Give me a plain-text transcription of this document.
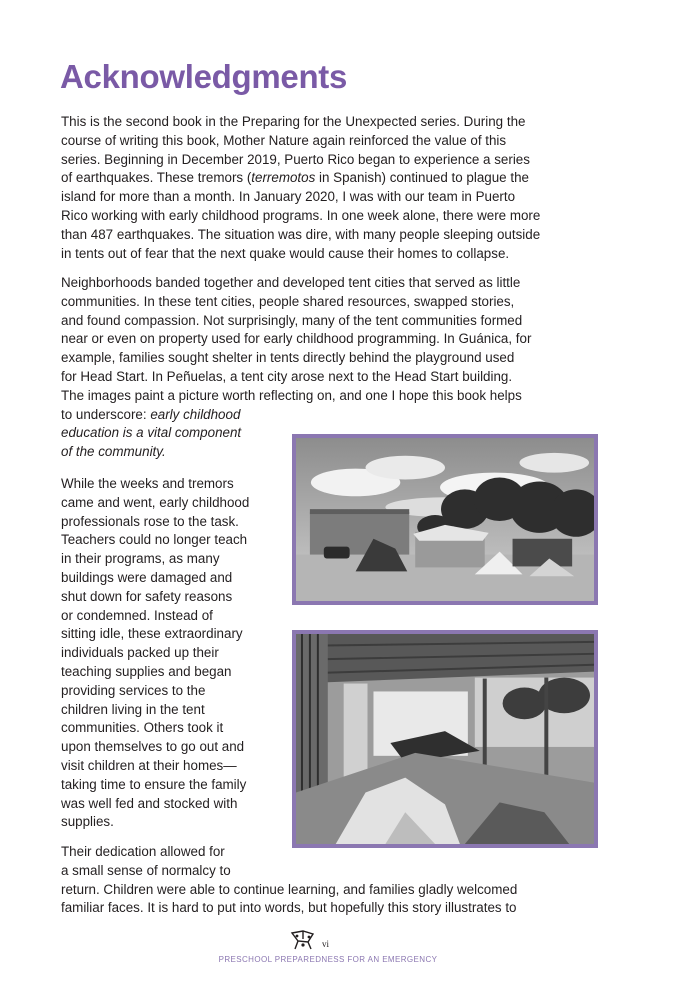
Acknowledgments
This is the second book in the Preparing for the Unexpected series. During the
course of writing this book, Mother Nature again reinforced the value of this
series. Beginning in December 2019, Puerto Rico began to experience a series
of earthquakes. These tremors (terremotos in Spanish) continued to plague the
island for more than a month. In January 2020, I was with our team in Puerto
Rico working with early childhood programs. In one week alone, there were more
than 487 earthquakes. The situation was dire, with many people sleeping outside
in tents out of fear that the next quake would cause their homes to collapse.
Neighborhoods banded together and developed tent cities that served as little
communities. In these tent cities, people shared resources, swapped stories,
and found compassion. Not surprisingly, many of the tent communities formed
near or even on property used for early childhood programming. In Guánica, for
example, families sought shelter in tents directly behind the playground used
for Head Start. In Peñuelas, a tent city arose next to the Head Start building.
The images paint a picture worth reflecting on, and one I hope this book helps
to underscore: early childhood
education is a vital component
of the community.
While the weeks and tremors
came and went, early childhood
professionals rose to the task.
Teachers could no longer teach
in their programs, as many
buildings were damaged and
shut down for safety reasons
or condemned. Instead of
sitting idle, these extraordinary
individuals packed up their
teaching supplies and began
providing services to the
children living in the tent
communities. Others took it
upon themselves to go out and
visit children at their homes—
taking time to ensure the family
was well fed and stocked with
supplies.
Their dedication allowed for
a small sense of normalcy to
return. Children were able to continue learning, and families gladly welcomed
familiar faces. It is hard to put into words, but hopefully this story illustrates to
vi
PRESCHOOL PREPAREDNESS FOR AN EMERGENCY
